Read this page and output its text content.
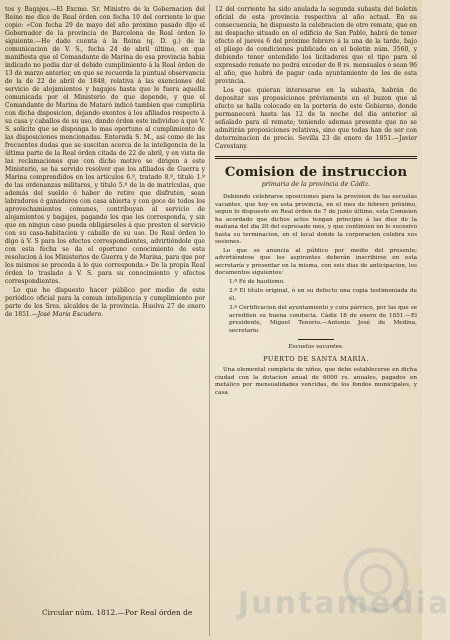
tos y Bagajes.—El Excmo. Sr. Ministro de la Gobernacion del Reino me dice de Real órden con fecha 10 del corriente lo que copio: «Con fecha 29 de mayo del año próximo pasado dijo el Gobernador de la provincia de Barcelona de Real órden lo siguiente.—He dado cuenta á la Reina (q. D. g.) de la comunicacion de V. S., fecha 24 de abril último, en que manifiesta que el Comandante de Marina de esa provincia habia indicado no podia dar el debido cumplimiento á la Real órden de 13 de marzo anterior, en que se recuerda la puntual observancia de la de 22 de abril de 1848, relativa á las exenciones del servicio de alojamientos y bagajes hasta que le fuera aquella comunicada por el Ministerio de que depende, y que el Comandante de Marina de Mataró indicó tambien que cumpliria con dicha disposicion, dejando exentos á los afiliados respecto á su casa y caballos de su uso, dando órden este individuo á que V. S. solicite que se disponga lo mas oportuno al cumplimiento de las disposiciones mencionadas. Enterada S. M., así como de las frecuentes dudas que se suscitan acerca de la inteligencia de la última parte de la Real órden citada de 22 de abril, y en vista de las reclamaciones que con dicho motivo se dirigen á este Ministerio, se ha servido resolver que los afiliados de Guerra y Marina comprendidos en los artículos 6.º, tratado 8.º, título 1.º de las ordenanzas militares, y título 5.º de la de matrículas, que además del sueldo ó haber de retiro que disfruten, sean labradores ó ganaderos con casa abierta y con goce de todos los aprovechamientos comunes, contribuyan al servicio de alojamientos y bagajes, pagando los que les corresponda, y sin que en ningun caso pueda obligárseles á que presten el servicio con su casa-habitacion y caballo de su uso. De Real órden lo digo á V. S para los efectos correspondientes, advirtiéndole que con esta fecha se da el oportuno conocimiento de esta resolucion á los Ministerios de Guerra y de Marina, para que por los mismos se proceda á lo que corresponda.» De la propia Real órden lo traslado á V. S. para su conocimiento y efectos correspondientes.

Lo que he dispuesto hacer público por medio de este periódico oficial para la comun inteligencia y cumplimiento por parte de los Sres. alcaldes de la provincia. Huelva 27 de enero de 1851.—José María Escudero.

Circular núm. 1812.—Por Real órden de

12 del corriente ha sido anulada la segunda subasta del boletin oficial de esta provincia respectiva al año actual. En su consecuencia, he dispuesto la celebracion de otro remate, que en mi despacho situado en el edificio de San Pablo, habrá de tener efecto el jueves 6 del próximo febrero á la una de la tarde, bajo el pliego de condiciones publicado en el boletin núm. 3560, y debiendo tener entendido los licitadores que el tipo para el expresado remate no podrá exceder de 8 rs. mensuales ó sean 96 al año, que habrá de pagar cada ayuntamiento de los de esta provincia.

Los que quieran interesarse en la subasta, habrán de depositar sus proposiciones préviamente en el buzon que al efecto se halla colocado en la porteria de este Gobierno, donde permanecerá hasta las 12 de la noche del dia anterior al señalado para el remate; teniendo ademas presente que no se admitirán proposiciones relativas, sino que todas han de ser con determinacion de precio. Sevilla 23 de enero de 1851.—Javier Cavestany.

Comision de instruccion
primaria de la provincia de Cádiz.

Debiendo celebrarse oposiciones para la provision de las escuelas vacantes, que hoy en esta provincia, en el mes de febrero próximo, segun lo dispuesto en Real órden de 7 de junio último, esta Comision ha acordado que dichos actos tengan principio á las diez de la mañana del dia 20 del espresado mes, y que continúen en lo sucesivo hasta su terminacion, en el local donde la corporacion celebra sus sesiones.

Lo que se anuncia al público por medio del presente; advirtiéndose que los aspirantes deberán inscribirse en esta secretaría y presentar en la misma, con seis dias de anticipacion, los documentos siguientes:

1.º Fé de bautismo.

2.º El título original, ó en su defecto una copia testimoniada de él.

3.º Certificacion del ayuntamiento y cura párroco, por las que se acrediten su buena conducta. Cádiz 18 de enero de 1851.—El presidente, Miguel Tenorio.—Antonio José de Medina, secretario.

Escuelas vacantes.
PUERTO DE SANTA MARÍA.

Una elemental completa de niños, que debe establecerse en dicha ciudad con la dotacion anual de 6000 rs. anuales, pagados en metálico por mensualidades vencidas, de los fondos municipales, y casa

Juntamedia
